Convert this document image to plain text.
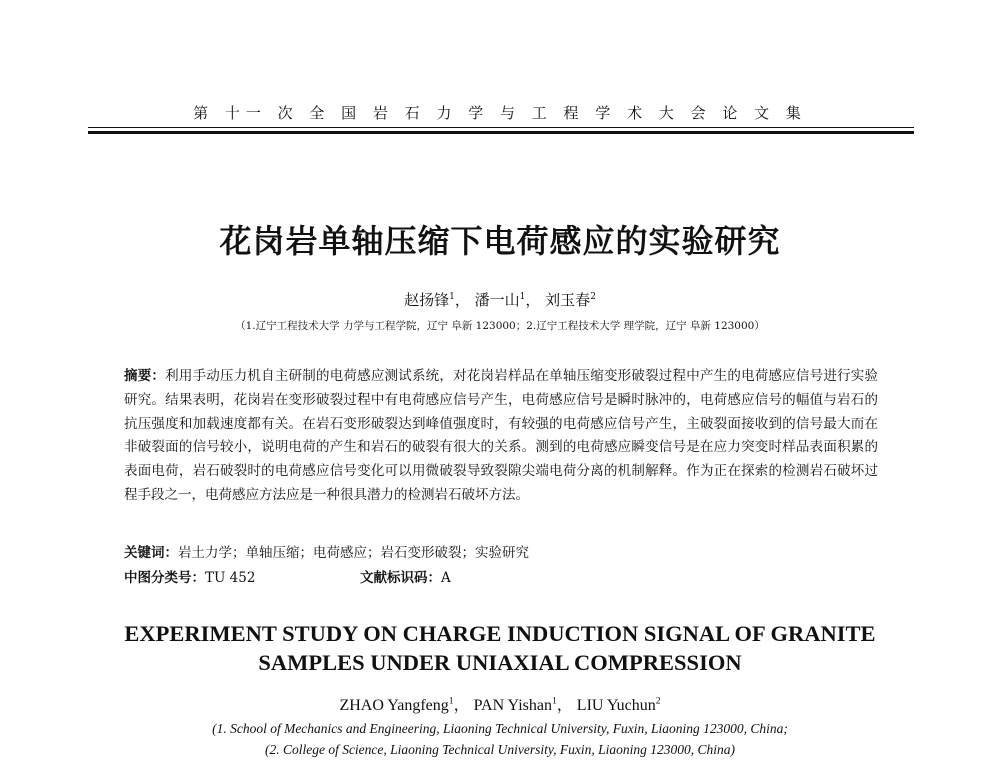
第 十一 次 全 国 岩 石 力 学 与 工 程 学 术 大 会 论 文 集
花岗岩单轴压缩下电荷感应的实验研究
赵扬锋$^1$， 潘一山$^1$， 刘玉春$^2$
（1.辽宁工程技术大学 力学与工程学院，辽宁 阜新 123000；2.辽宁工程技术大学 理学院，辽宁 阜新 123000）
摘要：利用手动压力机自主研制的电荷感应测试系统，对花岗岩样品在单轴压缩变形破裂过程中产生的电荷感应信号进行实验研究。结果表明，花岗岩在变形破裂过程中有电荷感应信号产生，电荷感应信号是瞬时脉冲的，电荷感应信号的幅值与岩石的抗压强度和加载速度都有关。在岩石变形破裂达到峰值强度时，有较强的电荷感应信号产生，主破裂面接收到的信号最大而在非破裂面的信号较小，说明电荷的产生和岩石的破裂有很大的关系。测到的电荷感应瞬变信号是在应力突变时样品表面积累的表面电荷，岩石破裂时的电荷感应信号变化可以用微破裂导致裂隙尖端电荷分离的机制解释。作为正在探索的检测岩石破坏过程手段之一，电荷感应方法应是一种很具潜力的检测岩石破坏方法。
关键词：岩土力学；单轴压缩；电荷感应；岩石变形破裂；实验研究
中图分类号：TU 452	文献标识码：A
EXPERIMENT STUDY ON CHARGE INDUCTION SIGNAL OF GRANITE
SAMPLES UNDER UNIAXIAL COMPRESSION
ZHAO Yangfeng$^1$， PAN Yishan$^1$， LIU Yuchun$^2$
(1. School of Mechanics and Engineering, Liaoning Technical University, Fuxin, Liaoning 123000, China;
(2. College of Science, Liaoning Technical University, Fuxin, Liaoning 123000, China)
